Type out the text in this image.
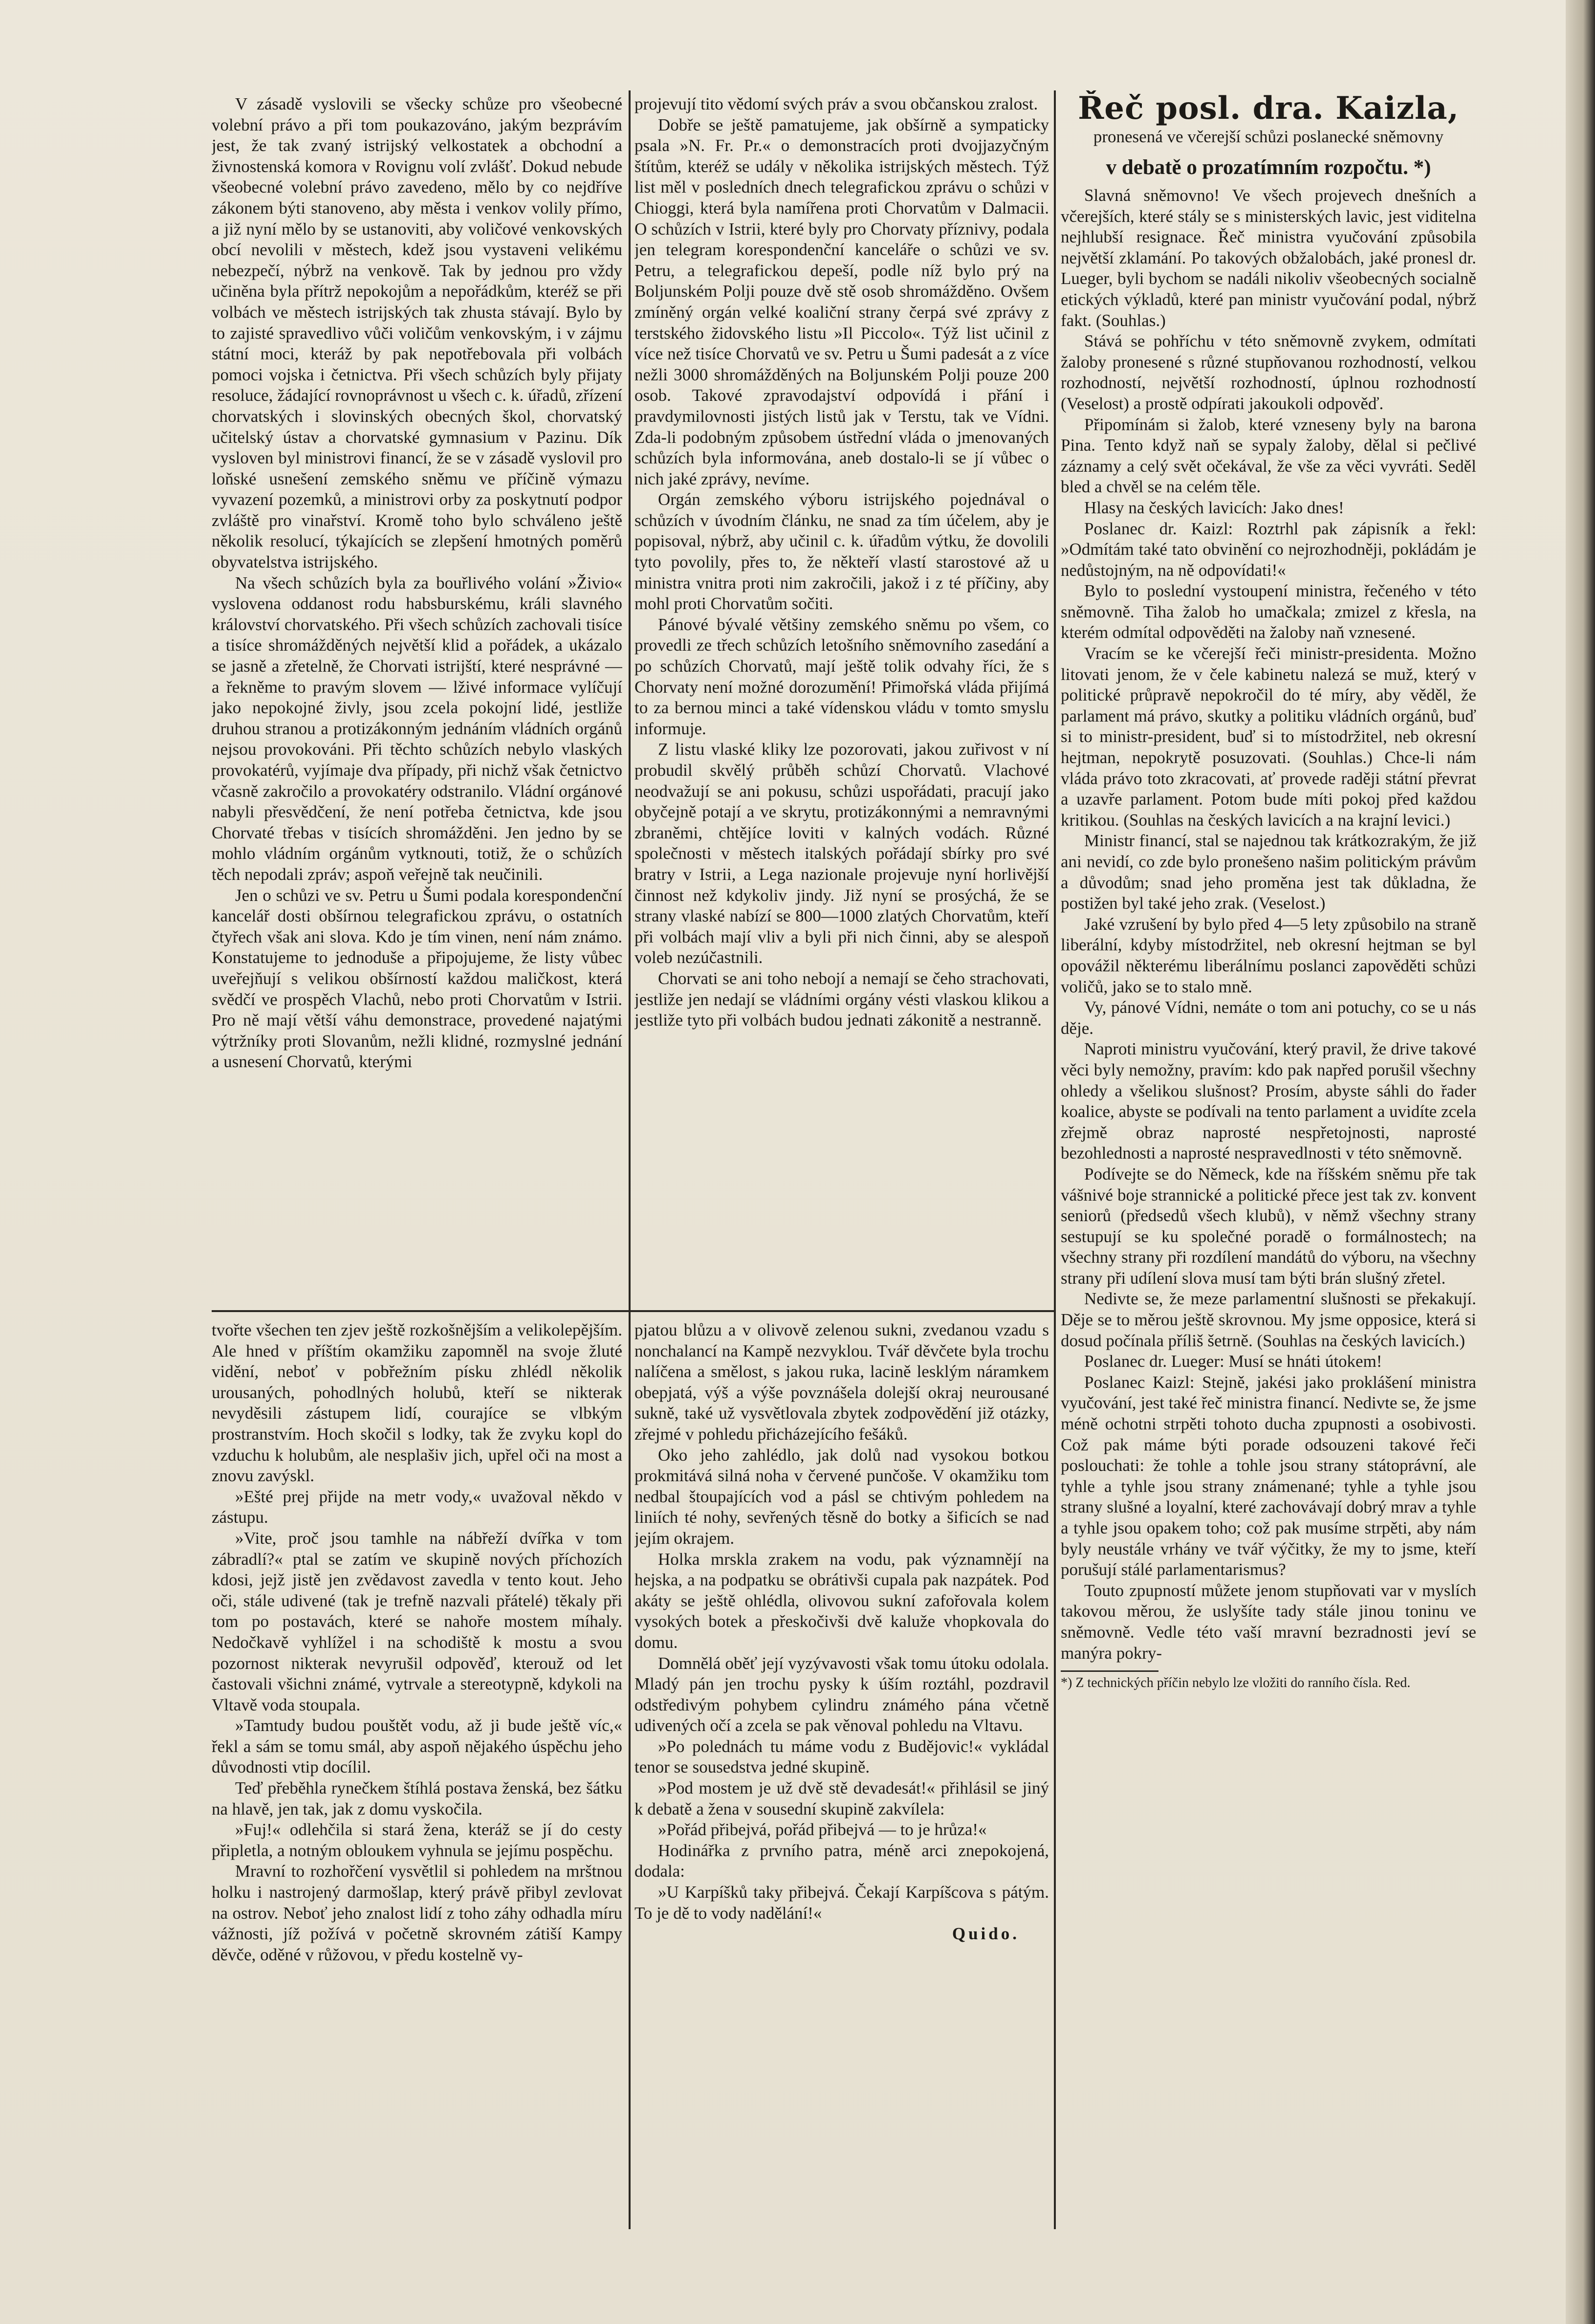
V zásadě vyslovili se všecky schůze pro všeobecné volební právo a při tom poukazováno, jakým bezprávím jest, že tak zvaný istrijský velkostatek a obchodní a živnostenská komora v Rovignu volí zvlášť. Dokud nebude všeobecné volební právo zavedeno, mělo by co nejdříve zákonem býti stanoveno, aby města i venkov volily přímo, a již nyní mělo by se ustanoviti, aby voličové venkovských obcí nevolili v městech, kdež jsou vystaveni velikému nebezpečí, nýbrž na venkově. Tak by jednou pro vždy učiněna byla přítrž nepokojům a nepořádkům, kteréž se při volbách ve městech istrijských tak zhusta stávají. Bylo by to zajisté spravedlivo vůči voličům venkovským, i v zájmu státní moci, kteráž by pak nepotřebovala při volbách pomoci vojska i četnictva. Při všech schůzích byly přijaty resoluce, žádající rovnoprávnost u všech c. k. úřadů, zřízení chorvatských i slovinských obecných škol, chorvatský učitelský ústav a chorvatské gymnasium v Pazinu. Dík vysloven byl ministrovi financí, že se v zásadě vyslovil pro loňské usnešení zemského sněmu ve příčině výmazu vyvazení pozemků, a ministrovi orby za poskytnutí podpor zvláště pro vinařství. Kromě toho bylo schváleno ještě několik resolucí, týkajících se zlepšení hmotných poměrů obyvatelstva istrijského.

Na všech schůzích byla za bouřlivého volání »Živio« vyslovena oddanost rodu habsburskému, králi slavného království chorvatského. Při všech schůzích zachovali tisíce a tisíce shromážděných největší klid a pořádek, a ukázalo se jasně a zřetelně, že Chorvati istrijští, které nesprávné — a řekněme to pravým slovem — lživé informace vylíčují jako nepokojné živly, jsou zcela pokojní lidé, jestliže druhou stranou a protizákonným jednáním vládních orgánů nejsou provokováni. Při těchto schůzích nebylo vlaských provokatérů, vyjímaje dva případy, při nichž však četnictvo včasně zakročilo a provokatéry odstranilo. Vládní orgánové nabyli přesvědčení, že není potřeba četnictva, kde jsou Chorvaté třebas v tisících shromážděni. Jen jedno by se mohlo vládním orgánům vytknouti, totiž, že o schůzích těch nepodali zpráv; aspoň veřejně tak neučinili.

Jen o schůzi ve sv. Petru u Šumi podala korespondenční kancelář dosti obšírnou telegrafickou zprávu, o ostatních čtyřech však ani slova. Kdo je tím vinen, není nám známo. Konstatujeme to jednoduše a připojujeme, že listy vůbec uveřejňují s velikou obšírností každou maličkost, která svědčí ve prospěch Vlachů, nebo proti Chorvatům v Istrii. Pro ně mají větší váhu demonstrace, provedené najatými výtržníky proti Slovanům, nežli klidné, rozmyslné jednání a usnesení Chorvatů, kterými

projevují tito vědomí svých práv a svou občanskou zralost.

Dobře se ještě pamatujeme, jak obšírně a sympaticky psala »N. Fr. Pr.« o demonstracích proti dvojjazyčným štítům, kteréž se udály v několika istrijských městech. Týž list měl v posledních dnech telegrafickou zprávu o schůzi v Chioggi, která byla namířena proti Chorvatům v Dalmacii. O schůzích v Istrii, které byly pro Chorvaty příznivy, podala jen telegram korespondenční kanceláře o schůzi ve sv. Petru, a telegrafickou depeší, podle níž bylo prý na Boljunském Polji pouze dvě stě osob shromážděno. Ovšem zmíněný orgán velké koaliční strany čerpá své zprávy z terstského židovského listu »Il Piccolo«. Týž list učinil z více než tisíce Chorvatů ve sv. Petru u Šumi padesát a z více nežli 3000 shromážděných na Boljunském Polji pouze 200 osob. Takové zpravodajství odpovídá i přání i pravdymilovnosti jistých listů jak v Terstu, tak ve Vídni. Zda-li podobným způsobem ústřední vláda o jmenovaných schůzích byla informována, aneb dostalo-li se jí vůbec o nich jaké zprávy, nevíme.

Orgán zemského výboru istrijského pojednával o schůzích v úvodním článku, ne snad za tím účelem, aby je popisoval, nýbrž, aby učinil c. k. úřadům výtku, že dovolili tyto povolily, přes to, že někteří vlastí starostové až u ministra vnitra proti nim zakročili, jakož i z té příčiny, aby mohl proti Chorvatům sočiti.

Pánové bývalé většiny zemského sněmu po všem, co provedli ze třech schůzích letošního sněmovního zasedání a po schůzích Chorvatů, mají ještě tolik odvahy říci, že s Chorvaty není možné dorozumění! Přimořská vláda přijímá to za bernou minci a také vídenskou vládu v tomto smyslu informuje.

Z listu vlaské kliky lze pozorovati, jakou zuřivost v ní probudil skvělý průběh schůzí Chorvatů. Vlachové neodvažují se ani pokusu, schůzi uspořádati, pracují jako obyčejně potají a ve skrytu, protizákonnými a nemravnými zbraněmi, chtějíce loviti v kalných vodách. Různé společnosti v městech italských pořádají sbírky pro své bratry v Istrii, a Lega nazionale projevuje nyní horlivější činnost než kdykoliv jindy. Již nyní se prosýchá, že se strany vlaské nabízí se 800—1000 zlatých Chorvatům, kteří při volbách mají vliv a byli při nich činni, aby se alespoň voleb nezúčastnili.

Chorvati se ani toho nebojí a nemají se čeho strachovati, jestliže jen nedají se vládními orgány vésti vlaskou klikou a jestliže tyto při volbách budou jednati zákonitě a nestranně.

tvořte všechen ten zjev ještě rozkošnějším a velikolepějším. Ale hned v příštím okamžiku zapomněl na svoje žluté vidění, neboť v pobřežním písku zhlédl několik urousaných, pohodlných holubů, kteří se nikterak nevyděsili zástupem lidí, courajíce se vlbkým prostranstvím. Hoch skočil s lodky, tak že zvyku kopl do vzduchu k holubům, ale nesplašiv jich, upřel oči na most a znovu zavýskl.

»Ešté prej přijde na metr vody,« uvažoval někdo v zástupu.

»Vite, proč jsou tamhle na nábřeží dvířka v tom zábradlí?« ptal se zatím ve skupině nových příchozích kdosi, jejž jistě jen zvědavost zavedla v tento kout. Jeho oči, stále udivené (tak je trefně nazvali přátelé) těkaly při tom po postavách, které se nahoře mostem míhaly. Nedočkavě vyhlížel i na schodiště k mostu a svou pozornost nikterak nevyrušil odpověď, kterouž od let častovali všichni známé, vytrvale a stereotypně, kdykoli na Vltavě voda stoupala.

»Tamtudy budou pouštět vodu, až ji bude ještě víc,« řekl a sám se tomu smál, aby aspoň nějakého úspěchu jeho důvodnosti vtip docílil.

Teď přeběhla rynečkem štíhlá postava ženská, bez šátku na hlavě, jen tak, jak z domu vyskočila.

»Fuj!« odlehčila si stará žena, kteráž se jí do cesty připletla, a notným obloukem vyhnula se jejímu pospěchu.

Mravní to rozhořčení vysvětlil si pohledem na mrštnou holku i nastrojený darmošlap, který právě přibyl zevlovat na ostrov. Neboť jeho znalost lidí z toho záhy odhadla míru vážnosti, jíž požívá v početně skrovném zátiší Kampy děvče, oděné v růžovou, v předu kostelně vy-

pjatou blůzu a v olivově zelenou sukni, zvedanou vzadu s nonchalancí na Kampě nezvyklou. Tvář děvčete byla trochu nalíčena a smělost, s jakou ruka, lacině lesklým náramkem obepjatá, výš a výše povznášela dolejší okraj neurousané sukně, také už vysvětlovala zbytek zodpovědění již otázky, zřejmé v pohledu přicházejícího fešáků.

Oko jeho zahlédlo, jak dolů nad vysokou botkou prokmitává silná noha v červené punčoše. V okamžiku tom nedbal štoupajících vod a pásl se chtivým pohledem na liniích té nohy, sevřených těsně do botky a šificích se nad jejím okrajem.

Holka mrskla zrakem na vodu, pak významnějí na hejska, a na podpatku se obrátivši cupala pak nazpátek. Pod akáty se ještě ohlédla, olivovou sukní zafořovala kolem vysokých botek a přeskočivši dvě kaluže vhopkovala do domu.

Domnělá oběť její vyzývavosti však tomu útoku odolala. Mladý pán jen trochu pysky k úším roztáhl, pozdravil odstředivým pohybem cylindru známého pána včetně udivených očí a zcela se pak věnoval pohledu na Vltavu.

»Po polednách tu máme vodu z Budějovic!« vykládal tenor se sousedstva jedné skupině.

»Pod mostem je už dvě stě devadesát!« přihlásil se jiný k debatě a žena v sousední skupině zakvílela:

»Pořád přibejvá, pořád přibejvá — to je hrůza!«

Hodinářka z prvního patra, méně arci znepokojená, dodala:

»U Karpíšků taky přibejvá. Čekají Karpíšcova s pátým. To je dě to vody nadělání!«

Quido.

Řeč posl. dra. Kaizla,

pronesená ve včerejší schůzi poslanecké sněmovny

v debatě o prozatímním rozpočtu. *)

Slavná sněmovno! Ve všech projevech dnešních a včerejších, které stály se s ministerských lavic, jest viditelna nejhlubší resignace. Řeč ministra vyučování způsobila největší zklamání. Po takových obžalobách, jaké pronesl dr. Lueger, byli bychom se nadáli nikoliv všeobecných socialně etických výkladů, které pan ministr vyučování podal, nýbrž fakt. (Souhlas.)

Stává se pohříchu v této sněmovně zvykem, odmítati žaloby pronesené s různé stupňovanou rozhodností, velkou rozhodností, největší rozhodností, úplnou rozhodností (Veselost) a prostě odpírati jakoukoli odpověď.

Připomínám si žalob, které vzneseny byly na barona Pina. Tento když naň se sypaly žaloby, dělal si pečlivé záznamy a celý svět očekával, že vše za věci vyvráti. Seděl bled a chvěl se na celém těle.

Hlasy na českých lavicích: Jako dnes!

Poslanec dr. Kaizl: Roztrhl pak zápisník a řekl: »Odmítám také tato obvinění co nejrozhodněji, pokládám je nedůstojným, na ně odpovídati!«

Bylo to poslední vystoupení ministra, řečeného v této sněmovně. Tiha žalob ho umačkala; zmizel z křesla, na kterém odmítal odpověděti na žaloby naň vznesené.

Vracím se ke včerejší řeči ministr-presidenta. Možno litovati jenom, že v čele kabinetu nalezá se muž, který v politické průpravě nepokročil do té míry, aby věděl, že parlament má právo, skutky a politiku vládních orgánů, buď si to ministr-president, buď si to místodržitel, neb okresní hejtman, nepokrytě posuzovati. (Souhlas.) Chce-li nám vláda právo toto zkracovati, ať provede raději státní převrat a uzavře parlament. Potom bude míti pokoj před každou kritikou. (Souhlas na českých lavicích a na krajní levici.)

Ministr financí, stal se najednou tak krátkozrakým, že již ani nevidí, co zde bylo pronešeno našim politickým právům a důvodům; snad jeho proměna jest tak důkladna, že postižen byl také jeho zrak. (Veselost.)

Jaké vzrušení by bylo před 4—5 lety způsobilo na straně liberální, kdyby místodržitel, neb okresní hejtman se byl opovážil některému liberálnímu poslanci zapověděti schůzi voličů, jako se to stalo mně.

Vy, pánové Vídni, nemáte o tom ani potuchy, co se u nás děje.

Naproti ministru vyučování, který pravil, že drive takové věci byly nemožny, pravím: kdo pak napřed porušil všechny ohledy a všelikou slušnost? Prosím, abyste sáhli do řader koalice, abyste se podívali na tento parlament a uvidíte zcela zřejmě obraz naprosté nespřetojnosti, naprosté bezohlednosti a naprosté nespravedlnosti v této sněmovně.

Podívejte se do Německ, kde na říšském sněmu pře tak vášnivé boje strannické a politické přece jest tak zv. konvent seniorů (předsedů všech klubů), v němž všechny strany sestupují se ku společné poradě o formálnostech; na všechny strany při rozdílení mandátů do výboru, na všechny strany při udílení slova musí tam býti brán slušný zřetel.

Nedivte se, že meze parlamentní slušnosti se překakují. Děje se to měrou ještě skrovnou. My jsme opposice, která si dosud počínala příliš šetrně. (Souhlas na českých lavicích.)

Poslanec dr. Lueger: Musí se hnáti útokem!

Poslanec Kaizl: Stejně, jakési jako proklášení ministra vyučování, jest také řeč ministra financí. Nedivte se, že jsme méně ochotni strpěti tohoto ducha zpupnosti a osobivosti. Což pak máme býti porade odsouzeni takové řeči poslouchati: že tohle a tohle jsou strany státoprávní, ale tyhle a tyhle jsou strany známenané; tyhle a tyhle jsou strany slušné a loyalní, které zachovávají dobrý mrav a tyhle a tyhle jsou opakem toho; což pak musíme strpěti, aby nám byly neustále vrhány ve tvář výčitky, že my to jsme, kteří porušují stálé parlamentarismus?

Touto zpupností můžete jenom stupňovati var v myslích takovou měrou, že uslyšíte tady stále jinou toninu ve sněmovně. Vedle této vaší mravní bezradnosti jeví se manýra pokry-

*) Z technických příčin nebylo lze vložiti do ranního čísla. Red.
